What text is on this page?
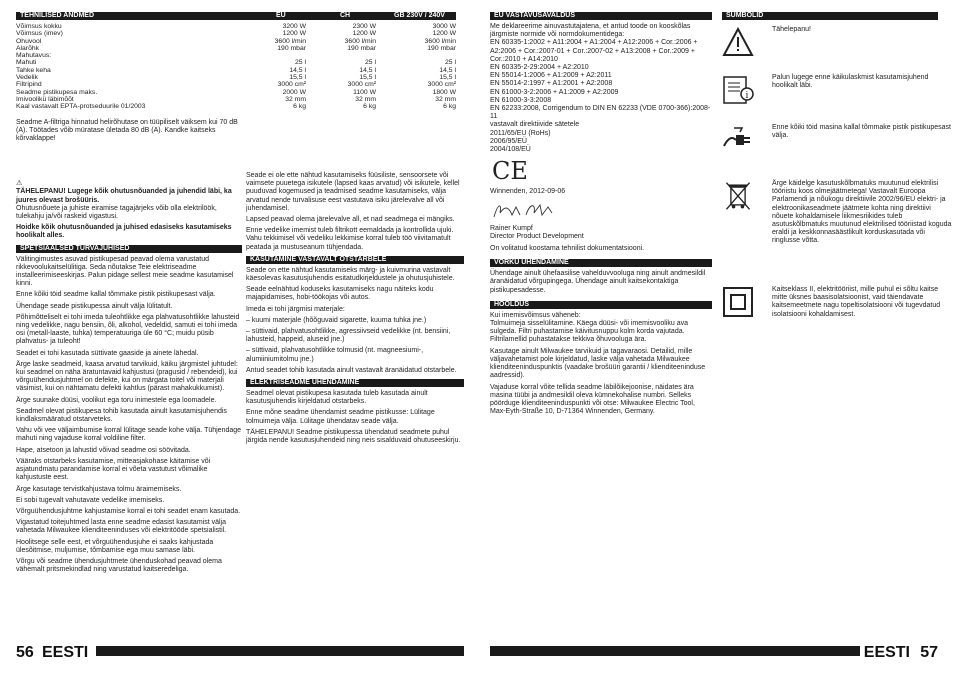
TEHNILISED ANDMED	EU	CH	GB 230V / 240V
Võimsus kokku	3200 W	2300 W	3000 W
Võimsus (imev)	1200 W	1200 W	1200 W
Õhuvool	3600 l/min	3600 l/min	3600 l/min
Alarõhk	190 mbar	190 mbar	190 mbar
Mahutavus:			
Mahuti	25 l	25 l	25 l
Tahke keha	14,5 l	14,5 l	14,5 l
Vedelik	15,5 l	15,5 l	15,5 l
Filtripind	3000 cm²	3000 cm²	3000 cm²
Seadme pistikupesa maks.	2000 W	1100 W	1800 W
Imivoolikü läbimõõt	32 mm	32 mm	32 mm
Kaal vastavalt EPTA-protseduurile 01/2003	6 kg	6 kg	6 kg
Seadme A-filtriga hinnatud helirõhutase on tüüpiliselt väiksem kui 70 dB (A). Töötades võib müratase ületada 80 dB (A). Kandke kaitseks kõrvaklappe!

⚠
TÄHELEPANU! Lugege kõik ohutusnõuanded ja juhendid läbi, ka juures olevast brošüüris.
Ohutusnõuete ja juhiste eiramise tagajärjeks võib olla elektrilöök, tulekahju ja/või raskeid vigastusi.

Hoidke kõik ohutusnõuanded ja juhised edasiseks kasutamiseks hoolikalt alles.
SPETSIAALSED TURVAJUHISED
Välitingimustes asuvad pistikupesad peavad olema varustatud rikkevoolukaitselülitiga. Seda nõutakse Teie elektriseadme installeerimiseeskirjas. Palun pidage sellest meie seadme kasutamisel kinni.
Enne kõiki töid seadme kallal tõmmake pistik pistikupesast välja.
Ühendage seade pistikupessa ainult välja lülitatult.
Põhimõtteliselt ei tohi imeda tuleohtlikke ega plahvatusohtlikke lahusteid ning vedelikke, nagu bensiin, õli, alkohol, vedeldid, samuti ei tohi imeda osi (metall-laaste, tuhka) temperatuuriga üle 60 °C; muidu püsib plahvatus- ja tuleoht!
Seadet ei tohi kasutada süttivate gaaside ja ainete lähedal.
Ärge laske seadmeid, kaasa arvatud tarvikuid, käiku järgmistel juhtudel: kui seadmel on näha äratuntavaid kahjustusi (pragusid / rebendeid), kui võrguühendusjuhtmel on defekte, kui on märgata toitel või materjali väsimist, kui on nähtamatu defekti kahtlus (pärast mahakukkumist).
Ärge suunake düüsi, voolikut ega toru inimestele ega loomadele.
Seadmel olevat pistikupesa tohib kasutada ainult kasutamisjuhendis kindlaksmääratud otstarveteks.
Vahu või vee väljaimbumise korral lülitage seade kohe välja. Tühjendage mahuti ning vajaduse korral voldiline filter.
Hape, atsetoon ja lahustid võivad seadme osi söövitada.
Vääraks otstarbeks kasutamise, mitteasjakohase käitamise või asjatundmatu parandamise korral ei võeta vastutust võimalike kahjustuste eest.
Ärge kasutage tervistkahjustava tolmu äraimemiseks.
Ei sobi tugevalt vahutavate vedelike imemiseks.
Võrguühendusjuhtme kahjustamise korral ei tohi seadet enam kasutada.
Vigastatud toitejuhtmed lasta enne seadme edasist kasutamist välja vahetada Milwaukee klienditeeninduses või elektritööde spetsialistil.
Hoolitsege selle eest, et võrguühendusjuhe ei saaks kahjustada ülesõitmise, muljumise, tõmbamise ega muu samase läbi.
Võrgu või seadme ühendusjuhtmete ühenduskohad peavad olema vähemalt pritsmekindlad ning varustatud kaitseredeliga.
Seade ei ole ette nähtud kasutamiseks füüsiliste, sensoorsete või vaimsete puuetega isikutele (lapsed kaas arvatud) või isikutele, kellel puuduvad kogemused ja teadmised seadme kasutamiseks, välja arvatud nende turvalisuse eest vastutava isiku järelevalve all või juhendamisel.
Lapsed peavad olema järelevalve all, et nad seadmega ei mängiks.
Enne vedelike imemist tuleb filtrikott eemaldada ja kontrollida ujuki. Vahu tekkimisel või vedeliku lekkimise korral tuleb töö viivitamatult peatada ja mustuseanum tühjendada.
KASUTAMINE VASTAVALT OTSTARBELE
Seade on ette nähtud kasutamiseks märg- ja kuivmurina vastavalt käesolevas kasutusjuhendis esitatudkirjeldustele ja ohutusjuhistele.
Seade eelnähtud koduseks kasutamiseks nagu näiteks kodu majapidamises, hobi-töökojas või autos.
Imeda ei tohi järgmisi materjale:
– kuumi materjale (hõõguvaid sigarette, kuuma tuhka jne.)
– süttivaid, plahvatusohtlikke, agressiivseid vedelikke (nt. bensiini, lahusteid, happeid, aluseid jne.)
– süttivaid, plahvatusohtlikke tolmusid (nt. magneesiumi-, alumiiniumitolmu jne.)
Antud seadet tohib kasutada ainult vastavalt äranäidatud otstarbele.
ELEKTRISEADME ÜHENDAMINE
Seadmel olevat pistikupesa kasutada tuleb kasutada ainult kasutusjuhendis kirjeldatud otstarbeks.
Enne mõne seadme ühendamist seadme pistikusse: Lülitage tolmuimeja välja. Lülitage ühendatav seade välja.
TÄHELEPANU! Seadme pistikupessa ühendatud seadmete puhul järgida nende kasutusjuhendeid ning neis sisalduvaid ohutuseeskirju.
EÜ VASTAVUSAVALDUS
Me deklareerime ainuvastutajatena, et antud toode on kooskõlas järgmiste normide või normdokumentidega:
EN 60335-1:2002 + A11:2004 + A1:2004 + A12:2006 + Cor.:2006 + A2:2006 + Cor.:2007-01 + Cor.:2007-02 + A13:2008 + Cor.:2009 + Cor.:2010 + A14:2010
EN 60335-2-29:2004 + A2:2010
EN 55014-1:2006 + A1:2009 + A2:2011
EN 55014-2:1997 + A1:2001 + A2:2008
EN 61000-3-2:2006 + A1:2009 + A2:2009
EN 61000-3-3:2008
EN 62233:2008, Corrigendum to DIN EN 62233 (VDE 0700-366):2008-11
vastavalt direktiivide sätetele
2011/65/EU (RoHs)
2006/95/EÜ
2004/108/EÜ
CE
Winnenden, 2012-09-06
Rainer Kumpf
Director Product Development
On volitatud koostama tehnilist dokumentatsiooni.
VÕRKU ÜHENDAMINE
Ühendage ainult ühefaasilise vahelduvvooluga ning ainult andmesildil äranäidatud võrgupingega. Ühendage ainult kaitsekontaktiga pistikupesadesse.
HOOLDUS
Kui imemisvõimsus väheneb:
Tolmuimeja sisselülitamine. Käega düüsi- või imemisvooliku ava sulgeda. Filtri puhastamise käivitusnuppu kolm korda vajutada. Filtrilamellid puhastatakse tekkiva õhuvooluga ära.
Kasutage ainult Milwaukee tarvikuid ja tagavaraosi. Detailid, mille väljavahetamist pole kirjeldatud, laske välja vahetada Milwaukee klienditeeninduspunktis (vaadake brošüüri garantii / klienditeeninduse aadressid).
Vajaduse korral võite tellida seadme läbilõikejoonise, näidates ära masina tüübi ja andmesildil oleva kümnekohalise numbri. Selleks pöörduge klienditeeninduspunkti või otse: Milwaukee Electric Tool, Max-Eyth-Straße 10, D-71364 Winnenden, Germany.
SÜMBOLID
Tähelepanu!
i
Palun lugege enne käikulaskmist kasutamisjuhend hoolikalt läbi.
Enne kõiki töid masina kallal tõmmake pistik pistikupesast välja.
Ärge käidelge kasutuskõlbmatuks muutunud elektrilisi tööriistu koos olmejäätmetega! Vastavalt Euroopa Parlamendi ja nõukogu direktiivile 2002/96/EÜ elektri- ja elektroonikaseadmete jäätmete kohta ning direktiivi nõuete kohaldamisele liikmesriikides tuleb asutuskõlbmatuks muutunud elektrilised tööriistad koguda eraldi ja keskkonnasäästlikult korduskasutada või ringlusse võtta.
Kaitseklass II, elektritööriist, mille puhul ei sõltu kaitse mitte üksnes baasisolatsioonist, vaid täiendavate kaitsemeetmete nagu topeltisolatsiooni või tugevdatud isolatsiooni kohaldamisest.
56 EESTI	EESTI 57
